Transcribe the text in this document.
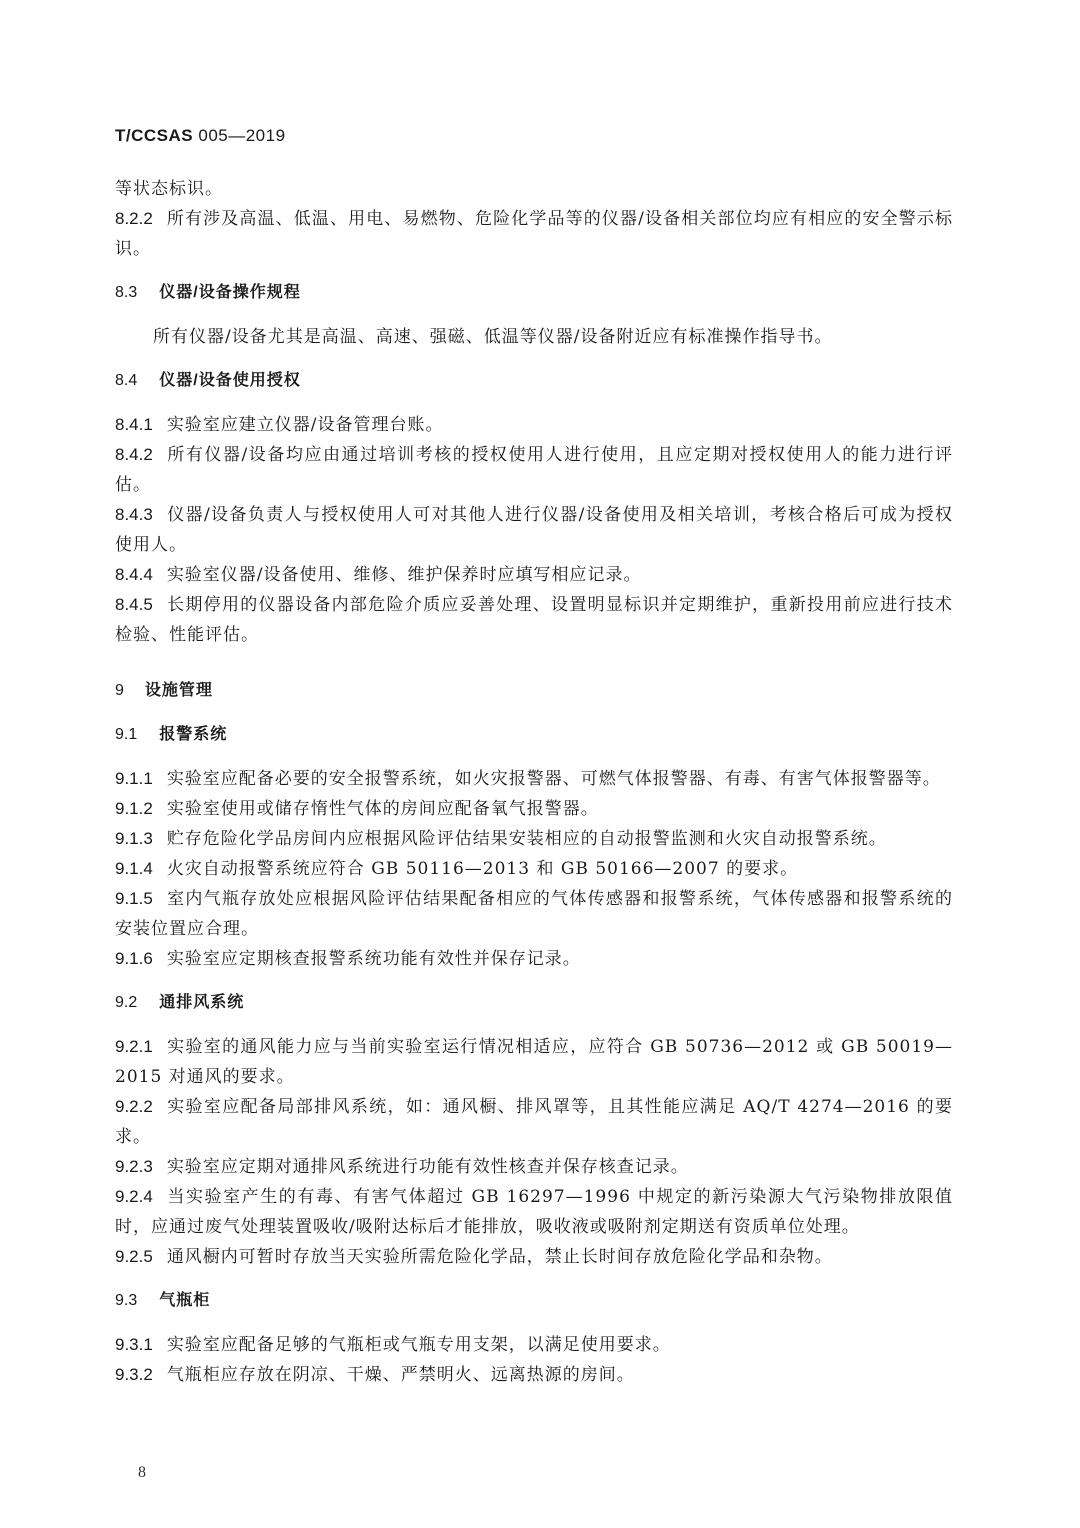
T/CCSAS 005—2019

等状态标识。

8.2.2 所有涉及高温、低温、用电、易燃物、危险化学品等的仪器/设备相关部位均应有相应的安全警示标识。

8.3 仪器/设备操作规程

所有仪器/设备尤其是高温、高速、强磁、低温等仪器/设备附近应有标准操作指导书。

8.4 仪器/设备使用授权

8.4.1 实验室应建立仪器/设备管理台账。

8.4.2 所有仪器/设备均应由通过培训考核的授权使用人进行使用，且应定期对授权使用人的能力进行评估。

8.4.3 仪器/设备负责人与授权使用人可对其他人进行仪器/设备使用及相关培训，考核合格后可成为授权使用人。

8.4.4 实验室仪器/设备使用、维修、维护保养时应填写相应记录。

8.4.5 长期停用的仪器设备内部危险介质应妥善处理、设置明显标识并定期维护，重新投用前应进行技术检验、性能评估。

9 设施管理

9.1 报警系统

9.1.1 实验室应配备必要的安全报警系统，如火灾报警器、可燃气体报警器、有毒、有害气体报警器等。

9.1.2 实验室使用或储存惰性气体的房间应配备氧气报警器。

9.1.3 贮存危险化学品房间内应根据风险评估结果安装相应的自动报警监测和火灾自动报警系统。

9.1.4 火灾自动报警系统应符合 GB 50116—2013 和 GB 50166—2007 的要求。

9.1.5 室内气瓶存放处应根据风险评估结果配备相应的气体传感器和报警系统，气体传感器和报警系统的安装位置应合理。

9.1.6 实验室应定期核查报警系统功能有效性并保存记录。

9.2 通排风系统

9.2.1 实验室的通风能力应与当前实验室运行情况相适应，应符合 GB 50736—2012 或 GB 50019—2015 对通风的要求。

9.2.2 实验室应配备局部排风系统，如：通风橱、排风罩等，且其性能应满足 AQ/T 4274—2016 的要求。

9.2.3 实验室应定期对通排风系统进行功能有效性核查并保存核查记录。

9.2.4 当实验室产生的有毒、有害气体超过 GB 16297—1996 中规定的新污染源大气污染物排放限值时，应通过废气处理装置吸收/吸附达标后才能排放，吸收液或吸附剂定期送有资质单位处理。

9.2.5 通风橱内可暂时存放当天实验所需危险化学品，禁止长时间存放危险化学品和杂物。

9.3 气瓶柜

9.3.1 实验室应配备足够的气瓶柜或气瓶专用支架，以满足使用要求。

9.3.2 气瓶柜应存放在阴凉、干燥、严禁明火、远离热源的房间。

8
